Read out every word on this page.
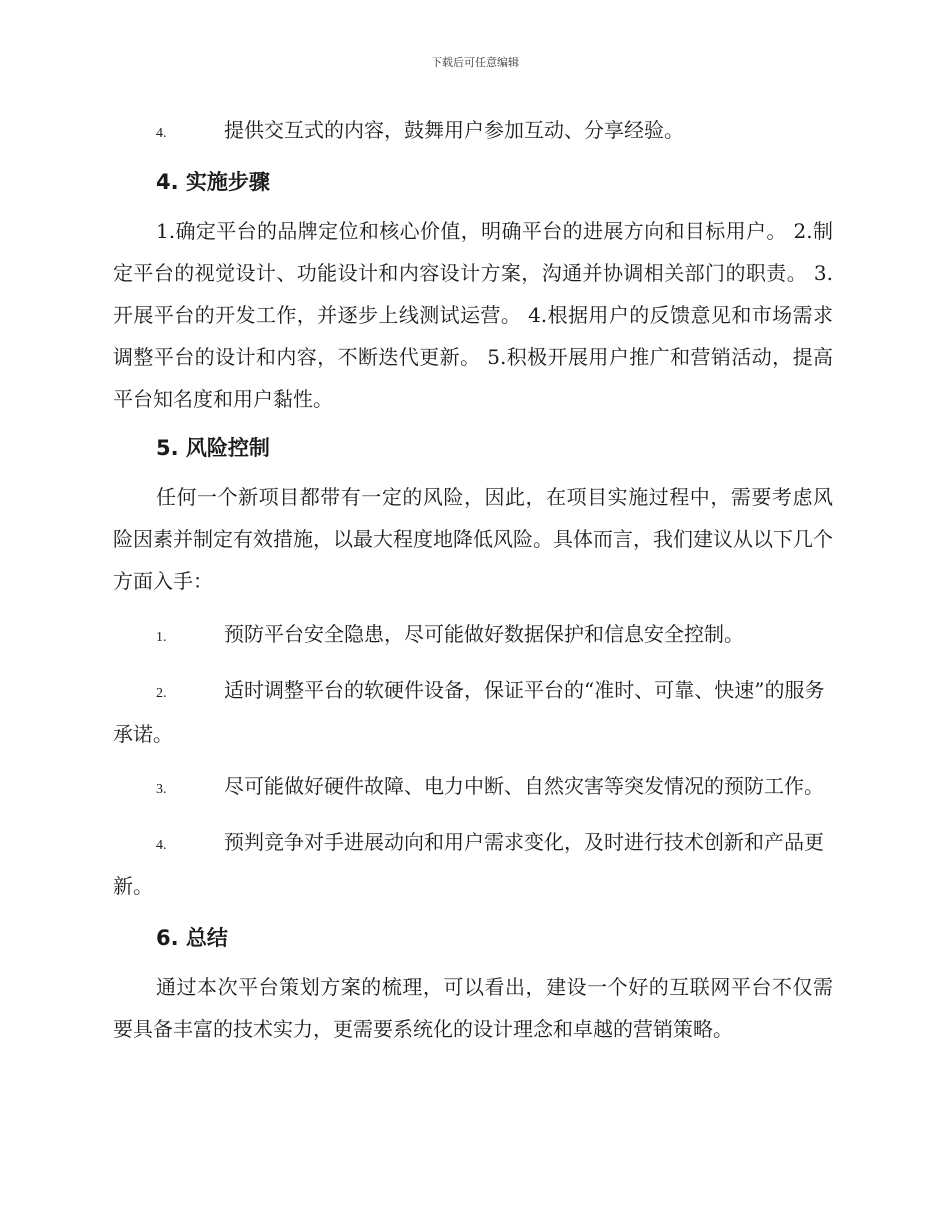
下载后可任意编辑

4.	提供交互式的内容，鼓舞用户参加互动、分享经验。

4. 实施步骤

1.确定平台的品牌定位和核心价值，明确平台的进展方向和目标用户。 2.制定平台的视觉设计、功能设计和内容设计方案，沟通并协调相关部门的职责。 3.开展平台的开发工作，并逐步上线测试运营。 4.根据用户的反馈意见和市场需求调整平台的设计和内容，不断迭代更新。 5.积极开展用户推广和营销活动，提高平台知名度和用户黏性。

5. 风险控制

任何一个新项目都带有一定的风险，因此，在项目实施过程中，需要考虑风险因素并制定有效措施，以最大程度地降低风险。具体而言，我们建议从以下几个方面入手：

1.	预防平台安全隐患，尽可能做好数据保护和信息安全控制。

2.	适时调整平台的软硬件设备，保证平台的“准时、可靠、快速”的服务承诺。

3.	尽可能做好硬件故障、电力中断、自然灾害等突发情况的预防工作。

4.	预判竞争对手进展动向和用户需求变化，及时进行技术创新和产品更新。

6. 总结

通过本次平台策划方案的梳理，可以看出，建设一个好的互联网平台不仅需要具备丰富的技术实力，更需要系统化的设计理念和卓越的营销策略。
